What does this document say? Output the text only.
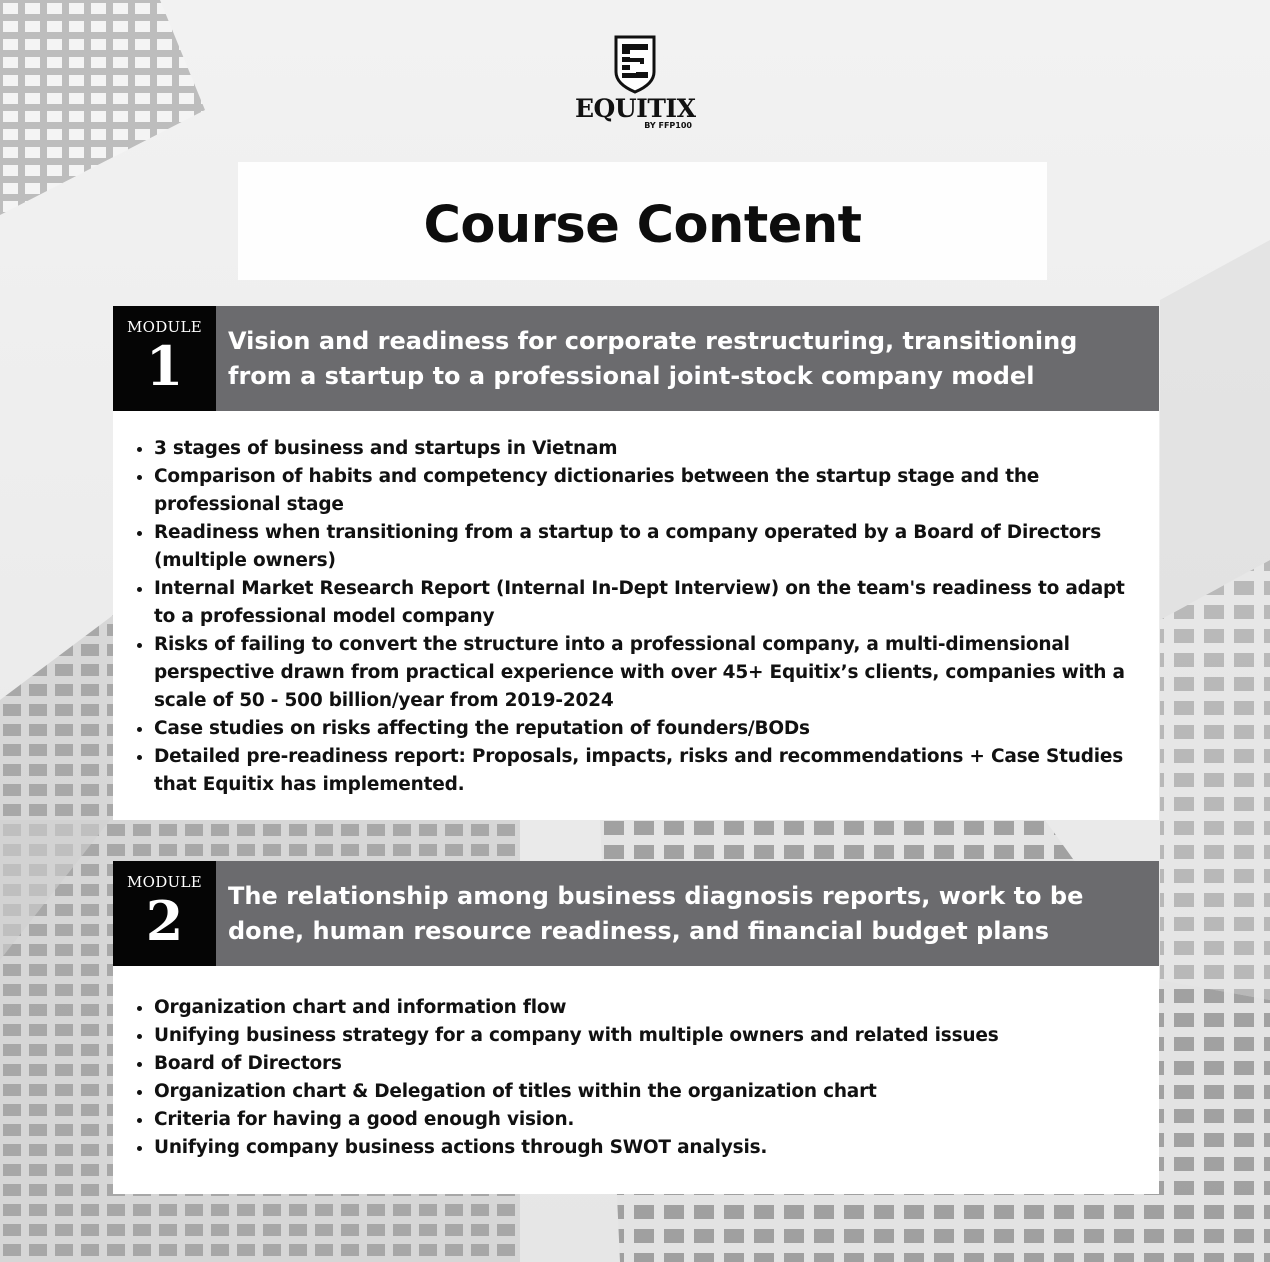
EQUITIX
BY FFP100
Course Content
MODULE
1	Vision and readiness for corporate restructuring, transitioning from a startup to a professional joint-stock company model
• 3 stages of business and startups in Vietnam
• Comparison of habits and competency dictionaries between the startup stage and the professional stage
• Readiness when transitioning from a startup to a company operated by a Board of Directors (multiple owners)
• Internal Market Research Report (Internal In-Dept Interview) on the team's readiness to adapt to a professional model company
• Risks of failing to convert the structure into a professional company, a multi-dimensional perspective drawn from practical experience with over 45+ Equitix’s clients, companies with a scale of 50 - 500 billion/year from 2019-2024
• Case studies on risks affecting the reputation of founders/BODs
• Detailed pre-readiness report: Proposals, impacts, risks and recommendations + Case Studies that Equitix has implemented.
MODULE
2	The relationship among business diagnosis reports, work to be done, human resource readiness, and financial budget plans
• Organization chart and information flow
• Unifying business strategy for a company with multiple owners and related issues
• Board of Directors
• Organization chart & Delegation of titles within the organization chart
• Criteria for having a good enough vision.
• Unifying company business actions through SWOT analysis.
